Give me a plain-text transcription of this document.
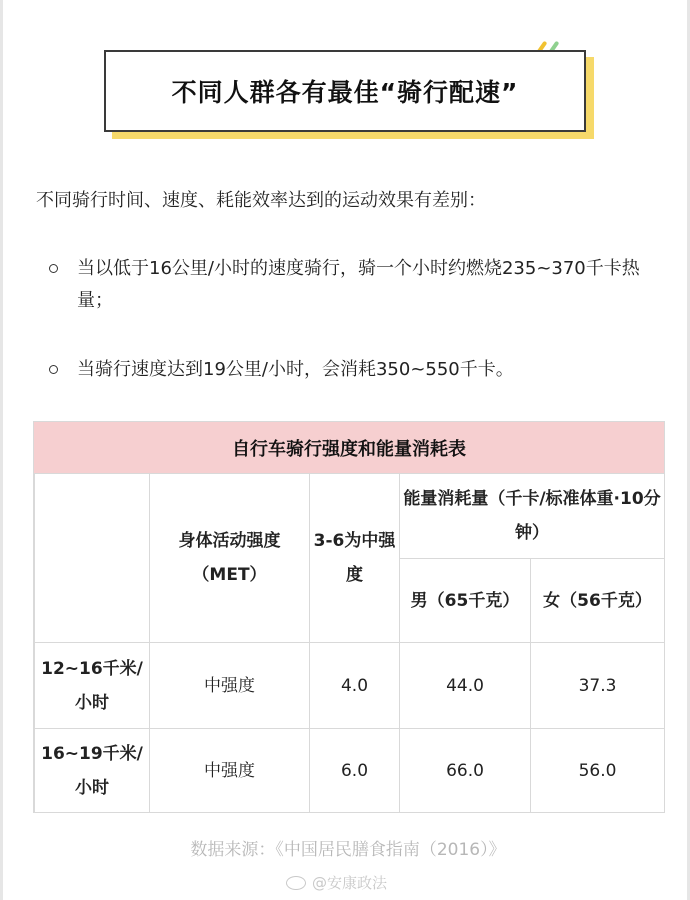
不同人群各有最佳“骑行配速”

不同骑行时间、速度、耗能效率达到的运动效果有差别：

当以低于16公里/小时的速度骑行，骑一个小时约燃烧235~370千卡热量；
当骑行速度达到19公里/小时，会消耗350~550千卡。
自行车骑行强度和能量消耗表
	身体活动强度（MET）	3-6为中强度	能量消耗量（千卡/标准体重·10分钟）	
			男（65千克）	女（56千克）
12~16千米/小时	中强度	4.0	44.0	37.3
16~19千米/小时	中强度	6.0	66.0	56.0

数据来源：《中国居民膳食指南（2016）》

@安康政法
